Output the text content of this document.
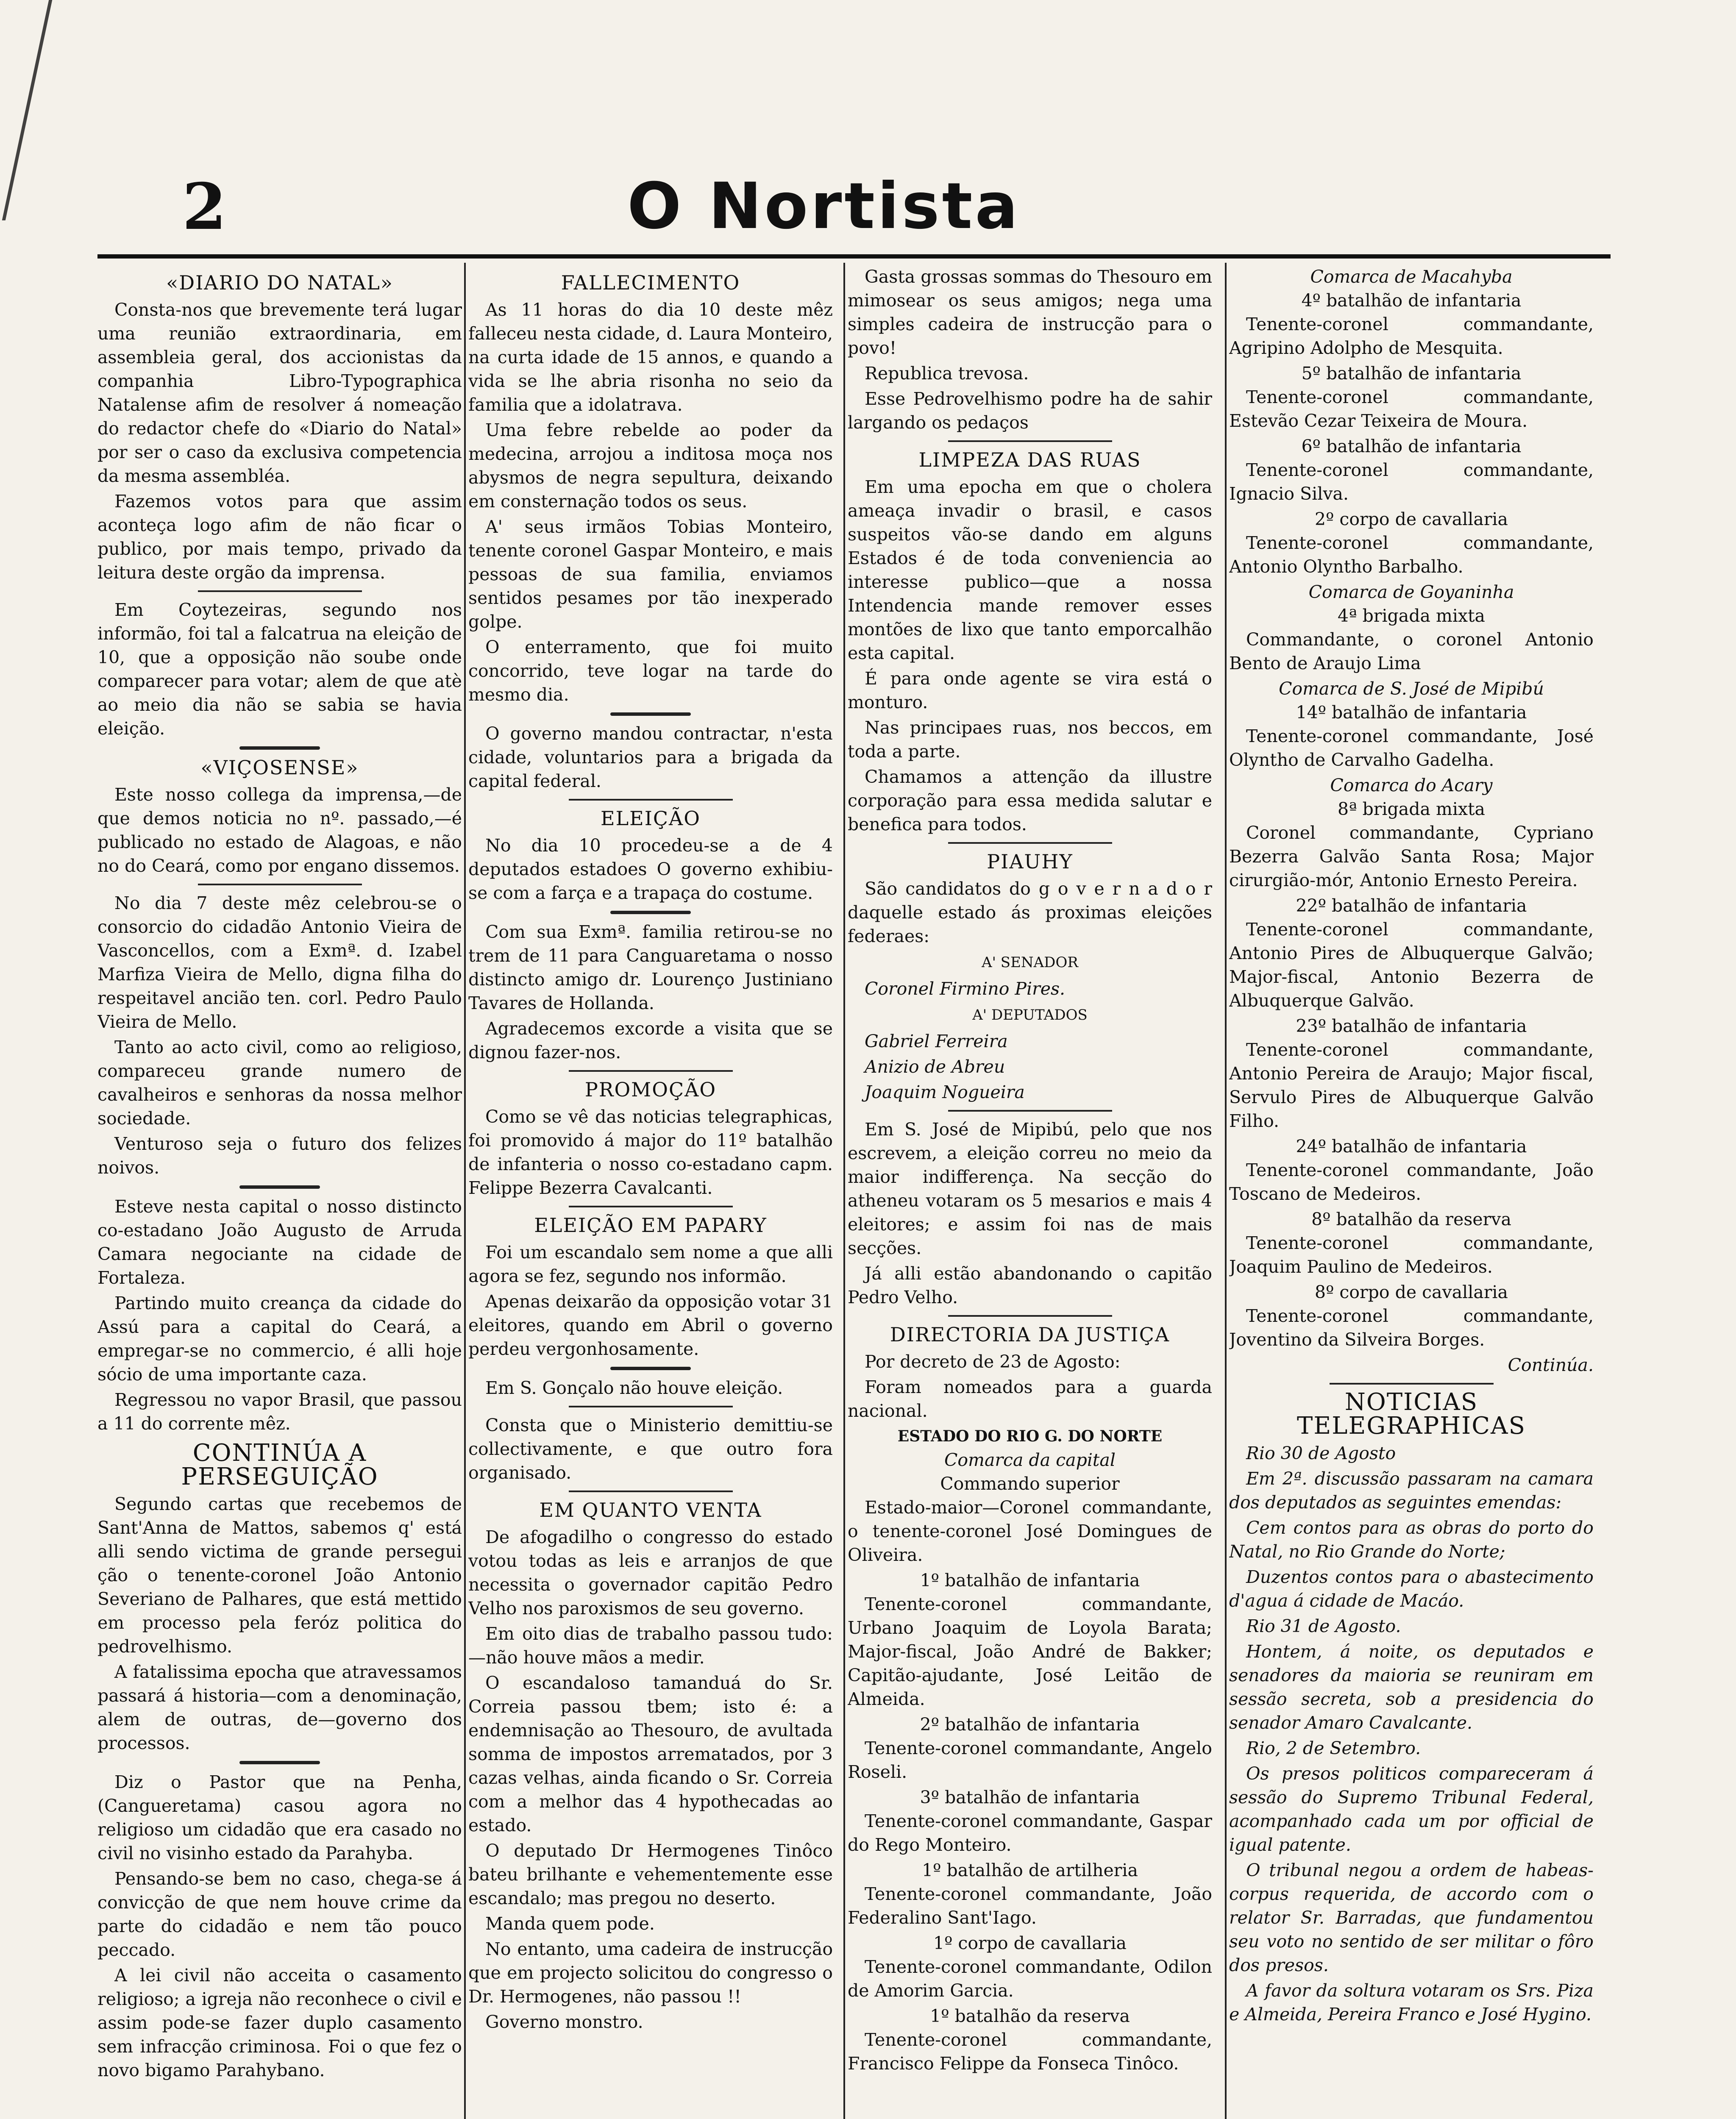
2	O Nortista
«DIARIO DO NATAL»

Consta-nos que brevemente terá lugar uma reunião extraordinaria, em assembleia geral, dos accionistas da companhia Libro-Typographica Natalense afim de resolver á nomeação do redactor chefe do «Diario do Natal» por ser o caso da exclusiva competencia da mesma assembléa.

Fazemos votos para que assim aconteça logo afim de não ficar o publico, por mais tempo, privado da leitura deste orgão da imprensa.

Em Coytezeiras, segundo nos informão, foi tal a falcatrua na eleição de 10, que a opposição não soube onde comparecer para votar; alem de que atè ao meio dia não se sabia se havia eleição.

«VIÇOSENSE»

Este nosso collega da imprensa,—de que demos noticia no nº. passado,—é publicado no estado de Alagoas, e não no do Ceará, como por engano dissemos.

No dia 7 deste mêz celebrou-se o consorcio do cidadão Antonio Vieira de Vasconcellos, com a Exmª. d. Izabel Marfiza Vieira de Mello, digna filha do respeitavel ancião ten. corl. Pedro Paulo Vieira de Mello.

Tanto ao acto civil, como ao religioso, compareceu grande numero de cavalheiros e senhoras da nossa melhor sociedade.

Venturoso seja o futuro dos felizes noivos.

Esteve nesta capital o nosso distincto co-estadano João Augusto de Arruda Camara negociante na cidade de Fortaleza.

Partindo muito creança da cidade do Assú para a capital do Ceará, a empregar-se no commercio, é alli hoje sócio de uma importante caza.

Regressou no vapor Brasil, que passou a 11 do corrente mêz.

CONTINÚA A PERSEGUIÇÃO

Segundo cartas que recebemos de Sant'Anna de Mattos, sabemos q' está alli sendo victima de grande persegui ção o tenente-coronel João Antonio Severiano de Palhares, que está mettido em processo pela feróz politica do pedrovelhismo.

A fatalissima epocha que atravessamos passará á historia—com a denominação, alem de outras, de—governo dos processos.

Diz o Pastor que na Penha, (Cangueretama) casou agora no religioso um cidadão que era casado no civil no visinho estado da Parahyba.

Pensando-se bem no caso, chega-se á convicção de que nem houve crime da parte do cidadão e nem tão pouco peccado.

A lei civil não acceita o casamento religioso; a igreja não reconhece o civil e assim pode-se fazer duplo casamento sem infracção criminosa. Foi o que fez o novo bigamo Parahybano.

FALLECIMENTO

As 11 horas do dia 10 deste mêz falleceu nesta cidade, d. Laura Monteiro, na curta idade de 15 annos, e quando a vida se lhe abria risonha no seio da familia que a idolatrava.

Uma febre rebelde ao poder da medecina, arrojou a inditosa moça nos abysmos de negra sepultura, deixando em consternação todos os seus.

A' seus irmãos Tobias Monteiro, tenente coronel Gaspar Monteiro, e mais pessoas de sua familia, enviamos sentidos pesames por tão inexperado golpe.

O enterramento, que foi muito concorrido, teve logar na tarde do mesmo dia.

O governo mandou contractar, n'esta cidade, voluntarios para a brigada da capital federal.

ELEIÇÃO

No dia 10 procedeu-se a de 4 deputados estadoes O governo exhibiu-se com a farça e a trapaça do costume.

Com sua Exmª. familia retirou-se no trem de 11 para Canguaretama o nosso distincto amigo dr. Lourenço Justiniano Tavares de Hollanda.

Agradecemos excorde a visita que se dignou fazer-nos.

PROMOÇÃO

Como se vê das noticias telegraphicas, foi promovido á major do 11º batalhão de infanteria o nosso co-estadano capm. Felippe Bezerra Cavalcanti.

ELEIÇÃO EM PAPARY

Foi um escandalo sem nome a que alli agora se fez, segundo nos informão.

Apenas deixarão da opposição votar 31 eleitores, quando em Abril o governo perdeu vergonhosamente.

Em S. Gonçalo não houve eleição.

Consta que o Ministerio demittiu-se collectivamente, e que outro fora organisado.

EM QUANTO VENTA

De afogadilho o congresso do estado votou todas as leis e arranjos de que necessita o governador capitão Pedro Velho nos paroxismos de seu governo.

Em oito dias de trabalho passou tudo:—não houve mãos a medir.

O escandaloso tamanduá do Sr. Correia passou tbem; isto é: a endemnisação ao Thesouro, de avultada somma de impostos arrematados, por 3 cazas velhas, ainda ficando o Sr. Correia com a melhor das 4 hypothecadas ao estado.

O deputado Dr Hermogenes Tinôco bateu brilhante e vehementemente esse escandalo; mas pregou no deserto.

Manda quem pode.

No entanto, uma cadeira de instrucção que em projecto solicitou do congresso o Dr. Hermogenes, não passou !!

Governo monstro.

Gasta grossas sommas do Thesouro em mimosear os seus amigos; nega uma simples cadeira de instrucção para o povo!

Republica trevosa.

Esse Pedrovelhismo podre ha de sahir largando os pedaços

LIMPEZA DAS RUAS

Em uma epocha em que o cholera ameaça invadir o brasil, e casos suspeitos vão-se dando em alguns Estados é de toda conveniencia ao interesse publico—que a nossa Intendencia mande remover esses montões de lixo que tanto emporcalhão esta capital.

É para onde agente se vira está o monturo.

Nas principaes ruas, nos beccos, em toda a parte.

Chamamos a attenção da illustre corporação para essa medida salutar e benefica para todos.

PIAUHY

São candidatos do g o v e r n a d o r daquelle estado ás proximas eleições federaes:

A' SENADOR

Coronel Firmino Pires.

A' DEPUTADOS

Gabriel Ferreira

Anizio de Abreu

Joaquim Nogueira

Em S. José de Mipibú, pelo que nos escrevem, a eleição correu no meio da maior indifferença. Na secção do atheneu votaram os 5 mesarios e mais 4 eleitores; e assim foi nas de mais secções.

Já alli estão abandonando o capitão Pedro Velho.

DIRECTORIA DA JUSTIÇA

Por decreto de 23 de Agosto:

Foram nomeados para a guarda nacional.

ESTADO DO RIO G. DO NORTE
Comarca da capital
Commando superior

Estado-maior—Coronel commandante, o tenente-coronel José Domingues de Oliveira.

1º batalhão de infantaria

Tenente-coronel commandante, Urbano Joaquim de Loyola Barata; Major-fiscal, João André de Bakker; Capitão-ajudante, José Leitão de Almeida.

2º batalhão de infantaria

Tenente-coronel commandante, Angelo Roseli.

3º batalhão de infantaria

Tenente-coronel commandante, Gaspar do Rego Monteiro.

1º batalhão de artilheria

Tenente-coronel commandante, João Federalino Sant'Iago.

1º corpo de cavallaria

Tenente-coronel commandante, Odilon de Amorim Garcia.

1º batalhão da reserva

Tenente-coronel commandante, Francisco Felippe da Fonseca Tinôco.

Comarca de Macahyba
4º batalhão de infantaria

Tenente-coronel commandante, Agripino Adolpho de Mesquita.

5º batalhão de infantaria

Tenente-coronel commandante, Estevão Cezar Teixeira de Moura.

6º batalhão de infantaria

Tenente-coronel commandante, Ignacio Silva.

2º corpo de cavallaria

Tenente-coronel commandante, Antonio Olyntho Barbalho.

Comarca de Goyaninha
4ª brigada mixta

Commandante, o coronel Antonio Bento de Araujo Lima

Comarca de S. José de Mipibú
14º batalhão de infantaria

Tenente-coronel commandante, José Olyntho de Carvalho Gadelha.

Comarca do Acary
8ª brigada mixta

Coronel commandante, Cypriano Bezerra Galvão Santa Rosa; Major cirurgião-mór, Antonio Ernesto Pereira.

22º batalhão de infantaria

Tenente-coronel commandante, Antonio Pires de Albuquerque Galvão; Major-fiscal, Antonio Bezerra de Albuquerque Galvão.

23º batalhão de infantaria

Tenente-coronel commandante, Antonio Pereira de Araujo; Major fiscal, Servulo Pires de Albuquerque Galvão Filho.

24º batalhão de infantaria

Tenente-coronel commandante, João Toscano de Medeiros.

8º batalhão da reserva

Tenente-coronel commandante, Joaquim Paulino de Medeiros.

8º corpo de cavallaria

Tenente-coronel commandante, Joventino da Silveira Borges.

Continúa.
NOTICIAS TELEGRAPHICAS

Rio 30 de Agosto

Em 2ª. discussão passaram na camara dos deputados as seguintes emendas:

Cem contos para as obras do porto do Natal, no Rio Grande do Norte;

Duzentos contos para o abastecimento d'agua á cidade de Macáo.

Rio 31 de Agosto.

Hontem, á noite, os deputados e senadores da maioria se reuniram em sessão secreta, sob a presidencia do senador Amaro Cavalcante.

Rio, 2 de Setembro.

Os presos politicos compareceram á sessão do Supremo Tribunal Federal, acompanhado cada um por official de igual patente.

O tribunal negou a ordem de habeas-corpus requerida, de accordo com o relator Sr. Barradas, que fundamentou seu voto no sentido de ser militar o fôro dos presos.

A favor da soltura votaram os Srs. Piza e Almeida, Pereira Franco e José Hygino.
